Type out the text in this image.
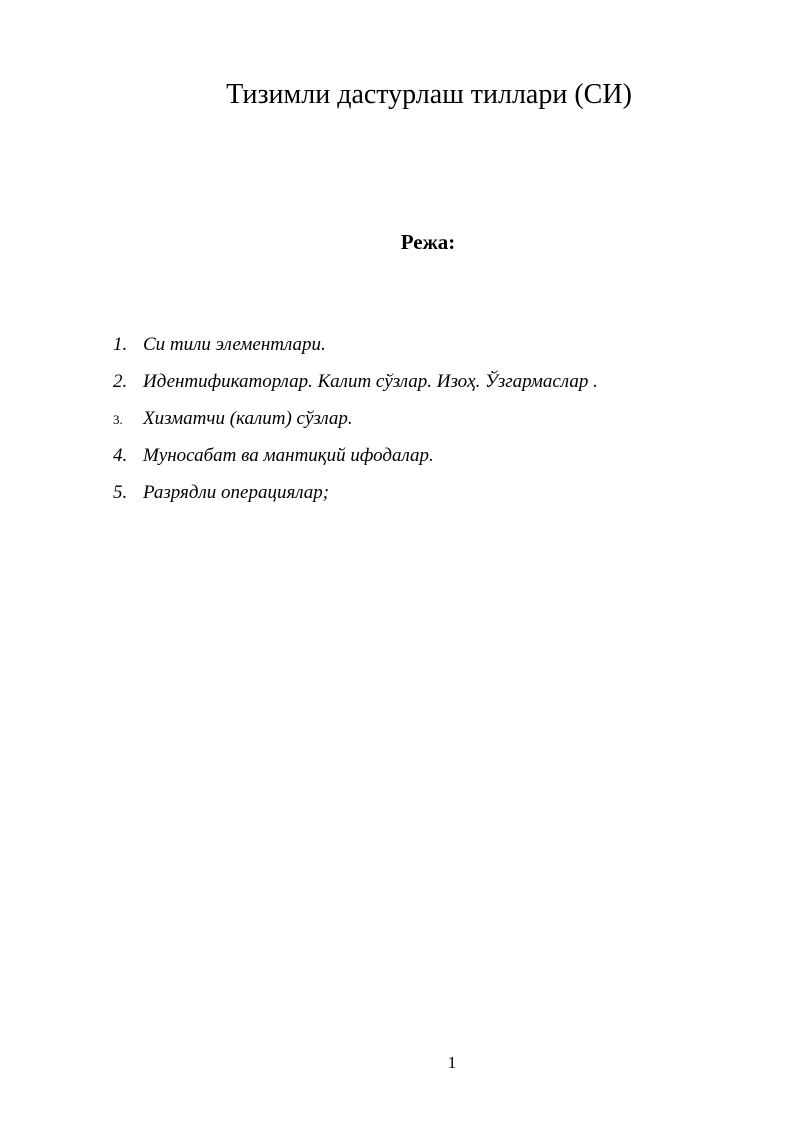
Тизимли дастурлаш тиллари (СИ)
Режа:
1. Си тили элементлари.
2. Идентификаторлар. Калит сўзлар. Изоҳ. Ўзгармаслар .
3. Хизматчи (калит) сўзлар.
4. Муносабат ва мантиқий ифодалар.
5. Разрядли операциялар;

1
